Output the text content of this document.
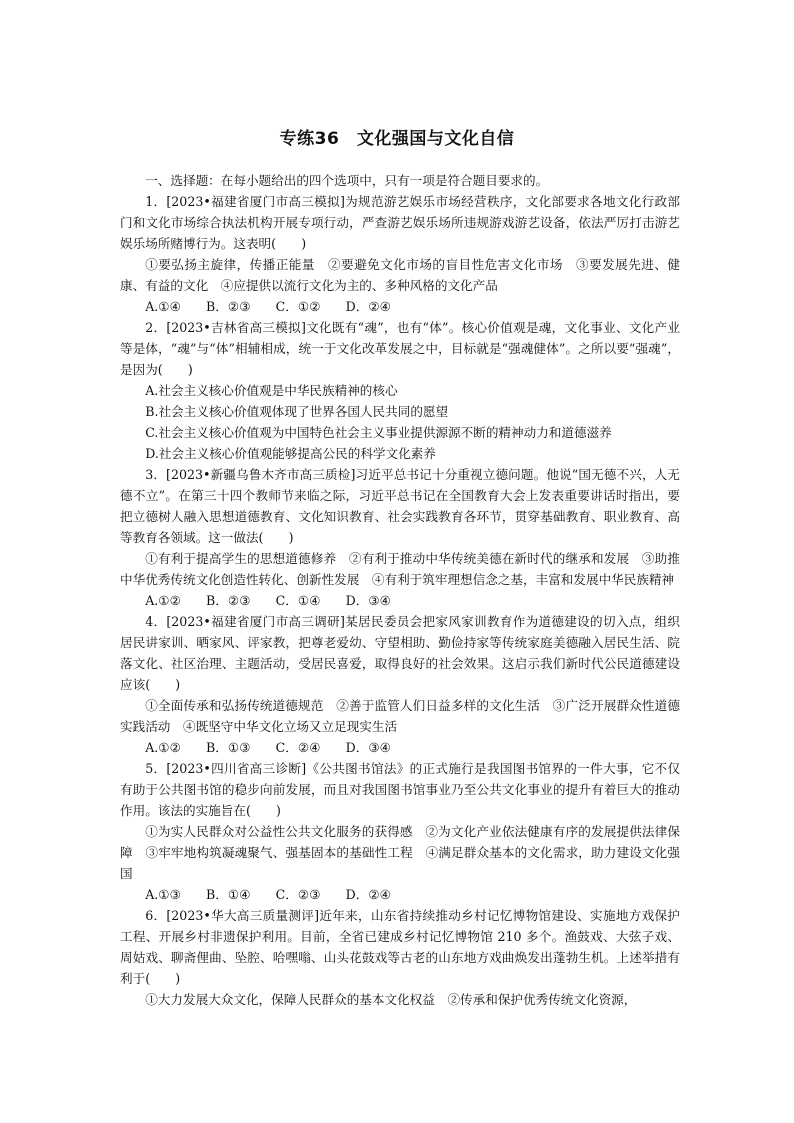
专练36　文化强国与文化自信

一、选择题：在每小题给出的四个选项中，只有一项是符合题目要求的。

1．[2023•福建省厦门市高三模拟]为规范游艺娱乐市场经营秩序，文化部要求各地文化行政部门和文化市场综合执法机构开展专项行动，严查游艺娱乐场所违规游戏游艺设备，依法严厉打击游艺娱乐场所赌博行为。这表明(　　)

①要弘扬主旋律，传播正能量　②要避免文化市场的盲目性危害文化市场　③要发展先进、健康、有益的文化　④应提供以流行文化为主的、多种风格的文化产品

A.①④　　B．②③　　C．①②　　D．②④

2．[2023•吉林省高三模拟]文化既有“魂”，也有“体”。核心价值观是魂，文化事业、文化产业等是体，“魂”与“体”相辅相成，统一于文化改革发展之中，目标就是“强魂健体”。之所以要“强魂”，是因为(　　)

A.社会主义核心价值观是中华民族精神的核心

B.社会主义核心价值观体现了世界各国人民共同的愿望

C.社会主义核心价值观为中国特色社会主义事业提供源源不断的精神动力和道德滋养

D.社会主义核心价值观能够提高公民的科学文化素养

3．[2023•新疆乌鲁木齐市高三质检]习近平总书记十分重视立德问题。他说“国无德不兴，人无德不立”。在第三十四个教师节来临之际，习近平总书记在全国教育大会上发表重要讲话时指出，要把立德树人融入思想道德教育、文化知识教育、社会实践教育各环节，贯穿基础教育、职业教育、高等教育各领域。这一做法(　　)

①有利于提高学生的思想道德修养　②有利于推动中华传统美德在新时代的继承和发展　③助推中华优秀传统文化创造性转化、创新性发展　④有利于筑牢理想信念之基，丰富和发展中华民族精神

A.①②　　B．②③　　C．①④　　D．③④

4．[2023•福建省厦门市高三调研]某居民委员会把家风家训教育作为道德建设的切入点，组织居民讲家训、晒家风、评家教，把尊老爱幼、守望相助、勤俭持家等传统家庭美德融入居民生活、院落文化、社区治理、主题活动，受居民喜爱，取得良好的社会效果。这启示我们新时代公民道德建设应该(　　)

①全面传承和弘扬传统道德规范　②善于监管人们日益多样的文化生活　③广泛开展群众性道德实践活动　④既坚守中华文化立场又立足现实生活

A.①②　　B．①③　　C．②④　　D．③④

5．[2023•四川省高三诊断]《公共图书馆法》的正式施行是我国图书馆界的一件大事，它不仅有助于公共图书馆的稳步向前发展，而且对我国图书馆事业乃至公共文化事业的提升有着巨大的推动作用。该法的实施旨在(　　)

①为实人民群众对公益性公共文化服务的获得感　②为文化产业依法健康有序的发展提供法律保障　③牢牢地构筑凝魂聚气、强基固本的基础性工程　④满足群众基本的文化需求，助力建设文化强国

A.①③　　B．①④　　C．②③　　D．②④

6．[2023•华大高三质量测评]近年来，山东省持续推动乡村记忆博物馆建设、实施地方戏保护工程、开展乡村非遗保护利用。目前，全省已建成乡村记忆博物馆 210 多个。渔鼓戏、大弦子戏、周姑戏、聊斋俚曲、坠腔、哈嘿嗡、山头花鼓戏等古老的山东地方戏曲焕发出蓬勃生机。上述举措有利于(　　)

①大力发展大众文化，保障人民群众的基本文化权益　②传承和保护优秀传统文化资源，
